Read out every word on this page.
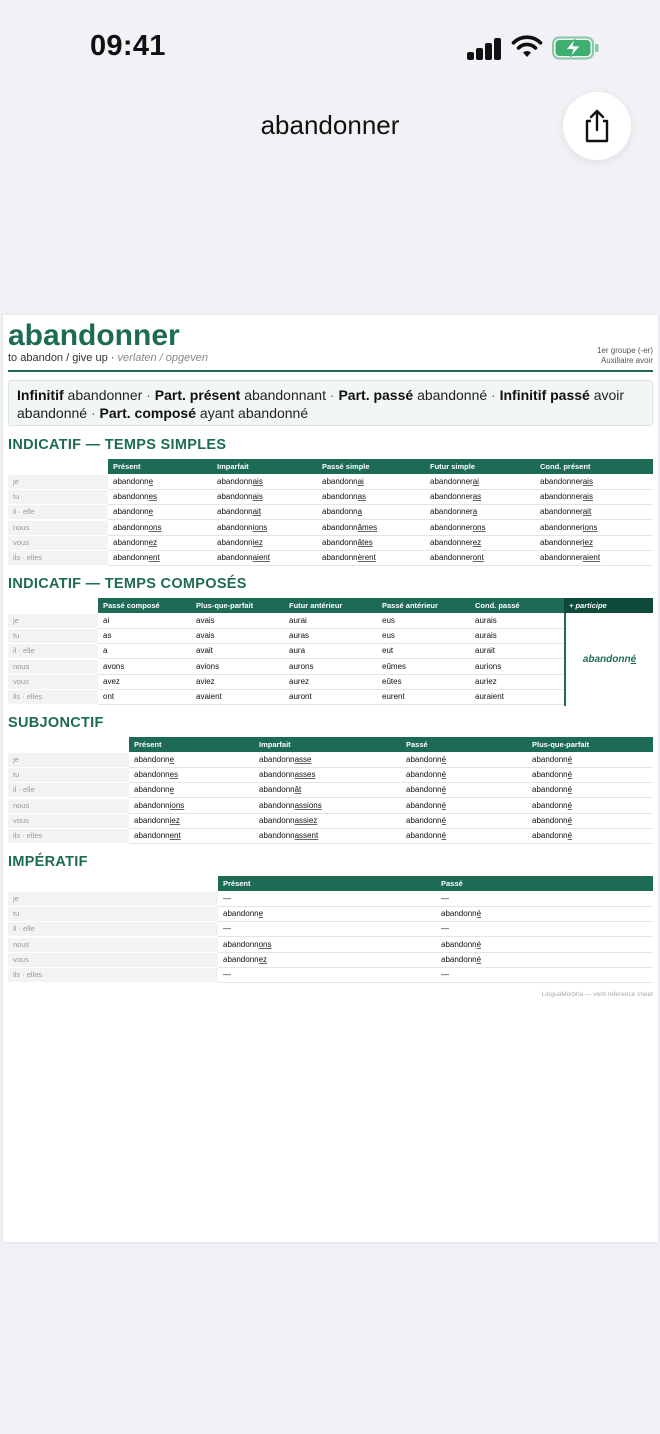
09:41
abandonner
abandonner
to abandon / give up · verlaten / opgeven
1er groupe (-er)
Auxiliaire avoir
Infinitif abandonner · Part. présent abandonnant · Part. passé abandonné · Infinitif passé avoir abandonné · Part. composé ayant abandonné
LinguaMorpha — verb reference sheet
INDICATIF — TEMPS SIMPLES
Présent	Imparfait	Passé simple	Futur simple	Cond. présent
je	abandonne	abandonnais	abandonnai	abandonnerai	abandonnerais
tu	abandonnes	abandonnais	abandonnas	abandonneras	abandonnerais
il · elle	abandonne	abandonnait	abandonna	abandonnera	abandonnerait
nous	abandonnons	abandonnions	abandonnâmes	abandonnerons	abandonnerions
vous	abandonnez	abandonniez	abandonnâtes	abandonnerez	abandonneriez
ils · elles	abandonnent	abandonnaient	abandonnèrent	abandonneront	abandonneraient
INDICATIF — TEMPS COMPOSÉS
Passé composé	Plus-que-parfait	Futur antérieur	Passé antérieur	Cond. passé	+ participe
je	ai	avais	aurai	eus	aurais
tu	as	avais	auras	eus	aurais
il · elle	a	avait	aura	eut	aurait
nous	avons	avions	aurons	eûmes	aurions
vous	avez	aviez	aurez	eûtes	auriez
ils · elles	ont	avaient	auront	eurent	auraient
abandonn é
SUBJONCTIF
Présent	Imparfait	Passé	Plus-que-parfait
je	abandonne	abandonnasse	abandonné	abandonné
tu	abandonnes	abandonnasses	abandonné	abandonné
il · elle	abandonne	abandonnât	abandonné	abandonné
nous	abandonnions	abandonnassions	abandonné	abandonné
vous	abandonniez	abandonnassiez	abandonné	abandonné
ils · elles	abandonnent	abandonnassent	abandonné	abandonné
IMPÉRATIF
Présent	Passé
je	—	—
tu	abandonne	abandonné
il · elle	—	—
nous	abandonnons	abandonné
vous	abandonnez	abandonné
ils · elles	—	—
